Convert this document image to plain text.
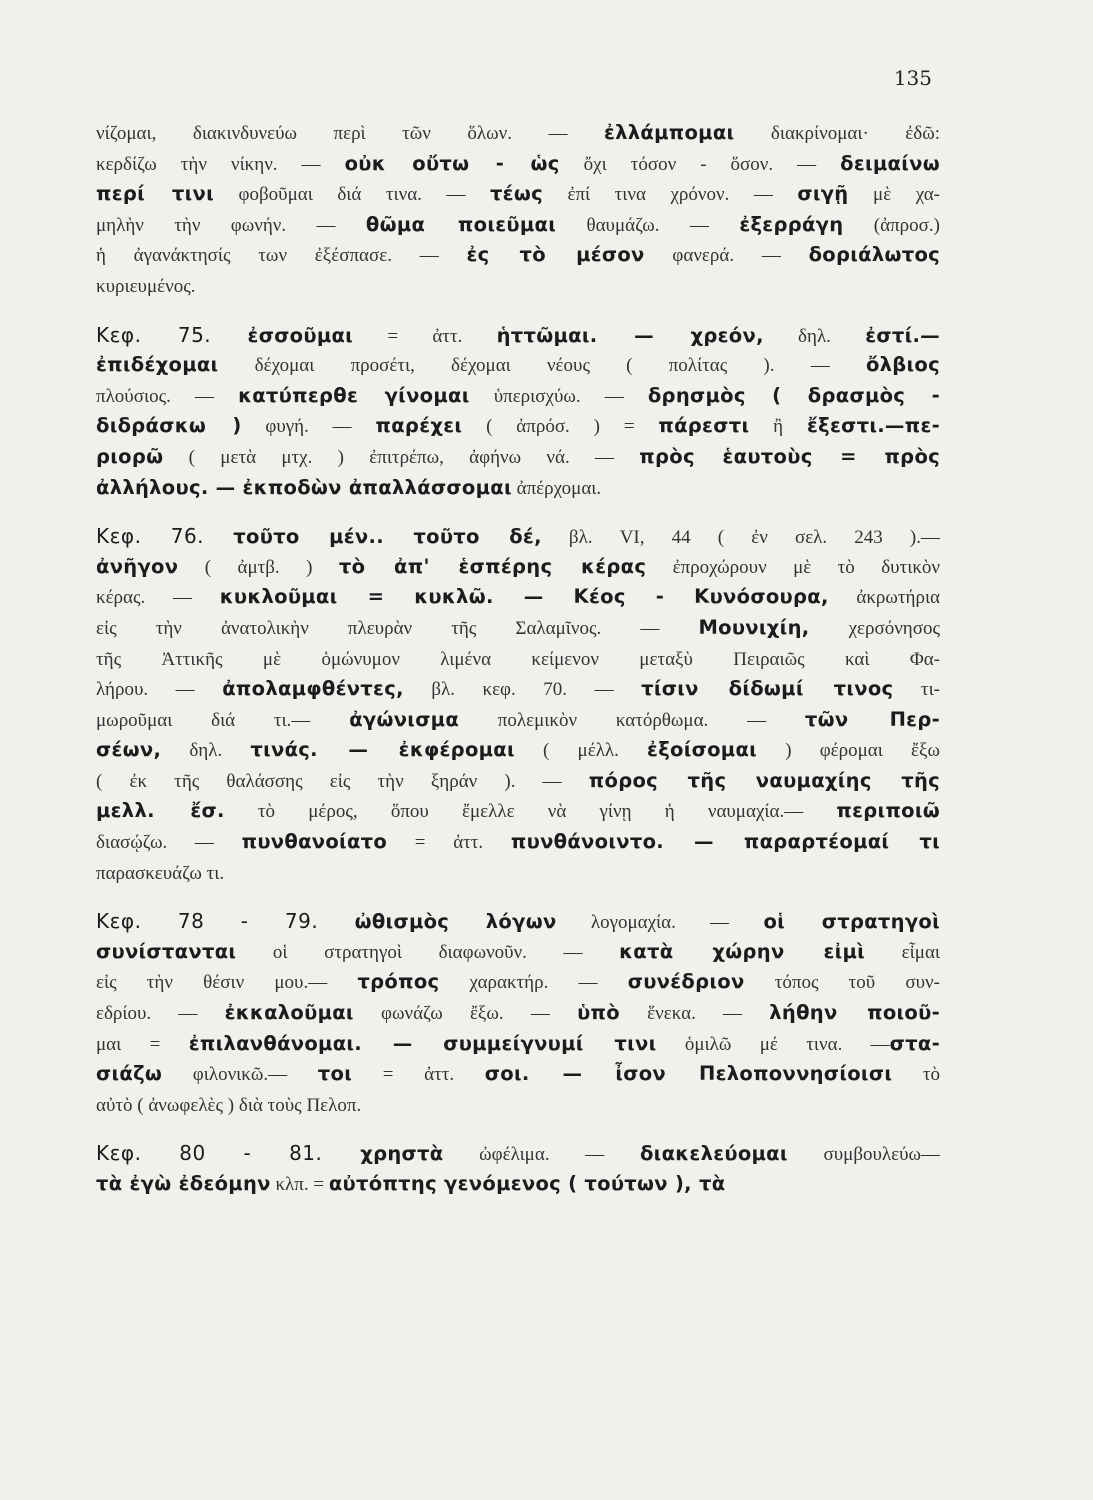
135
νίζομαι, διακινδυνεύω περὶ τῶν ὅλων. — ἐλλάμπομαι διακρίνομαι· ἐδῶ:
κερδίζω τὴν νίκην. — οὐκ οὔτω - ὡς ὄχι τόσον - ὅσον. — δειμαίνω
περί τινι φοβοῦμαι διά τινα. — τέως ἐπί τινα χρόνον. — σιγῇ μὲ χα-
μηλὴν τὴν φωνήν. — θῶμα ποιεῦμαι θαυμάζω. — ἐξερράγη (ἀπροσ.)
ἡ ἀγανάκτησίς των ἐξέσπασε. — ἐς τὸ μέσον φανερά. — δοριάλωτος
κυριευμένος.
Κεφ. 75. ἐσσοῦμαι = ἀττ. ἡττῶμαι. — χρεόν, δηλ. ἐστί.—
ἐπιδέχομαι δέχομαι προσέτι, δέχομαι νέους ( πολίτας ). — ὄλβιος
πλούσιος. — κατύπερθε γίνομαι ὑπερισχύω. — δρησμὸς ( δρασμὸς -
διδράσκω ) φυγή. — παρέχει ( ἀπρόσ. ) = πάρεστι ἢ ἔξεστι.—πε-
ριορῶ ( μετὰ μτχ. ) ἐπιτρέπω, ἀφήνω νά. — πρὸς ἑαυτοὺς = πρὸς
ἀλλήλους. — ἐκποδὼν ἀπαλλάσσομαι ἀπέρχομαι.
Κεφ. 76. τοῦτο μέν.. τοῦτο δέ, βλ. VI, 44 ( ἐν σελ. 243 ).—
ἀνῆγον ( ἀμτβ. ) τὸ ἀπ' ἑσπέρης κέρας ἐπροχώρουν μὲ τὸ δυτικὸν
κέρας. — κυκλοῦμαι = κυκλῶ. — Κέος - Κυνόσουρα, ἀκρωτήρια
εἰς τὴν ἀνατολικὴν πλευρὰν τῆς Σαλαμῖνος. — Μουνιχίη, χερσόνησος
τῆς Ἀττικῆς μὲ ὁμώνυμον λιμένα κείμενον μεταξὺ Πειραιῶς καὶ Φα-
λήρου. — ἀπολαμφθέντες, βλ. κεφ. 70. — τίσιν δίδωμί τινος τι-
μωροῦμαι διά τι.— ἀγώνισμα πολεμικὸν κατόρθωμα. — τῶν Περ-
σέων, δηλ. τινάς. — ἐκφέρομαι ( μέλλ. ἐξοίσομαι ) φέρομαι ἔξω
( ἐκ τῆς θαλάσσης εἰς τὴν ξηράν ). — πόρος τῆς ναυμαχίης τῆς
μελλ. ἔσ. τὸ μέρος, ὅπου ἔμελλε νὰ γίνῃ ἡ ναυμαχία.— περιποιῶ
διασῴζω. — πυνθανοίατο = ἀττ. πυνθάνοιντο. — παραρτέομαί τι
παρασκευάζω τι.
Κεφ. 78 - 79. ὠθισμὸς λόγων λογομαχία. — οἱ στρατηγοὶ
συνίστανται οἱ στρατηγοὶ διαφωνοῦν. — κατὰ χώρην εἰμὶ εἶμαι
εἰς τὴν θέσιν μου.— τρόπος χαρακτήρ. — συνέδριον τόπος τοῦ συν-
εδρίου. — ἐκκαλοῦμαι φωνάζω ἔξω. — ὑπὸ ἕνεκα. — λήθην ποιοῦ-
μαι = ἐπιλανθάνομαι. — συμμείγνυμί τινι ὁμιλῶ μέ τινα. —στα-
σιάζω φιλονικῶ.— τοι = ἀττ. σοι. — ἶσον Πελοποννησίοισι τὸ
αὐτὸ ( ἀνωφελὲς ) διὰ τοὺς Πελοπ.
Κεφ. 80 - 81. χρηστὰ ὠφέλιμα. — διακελεύομαι συμβουλεύω—
τὰ ἐγὼ ἐδεόμην κλπ. = αὐτόπτης γενόμενος ( τούτων ), τὰ
